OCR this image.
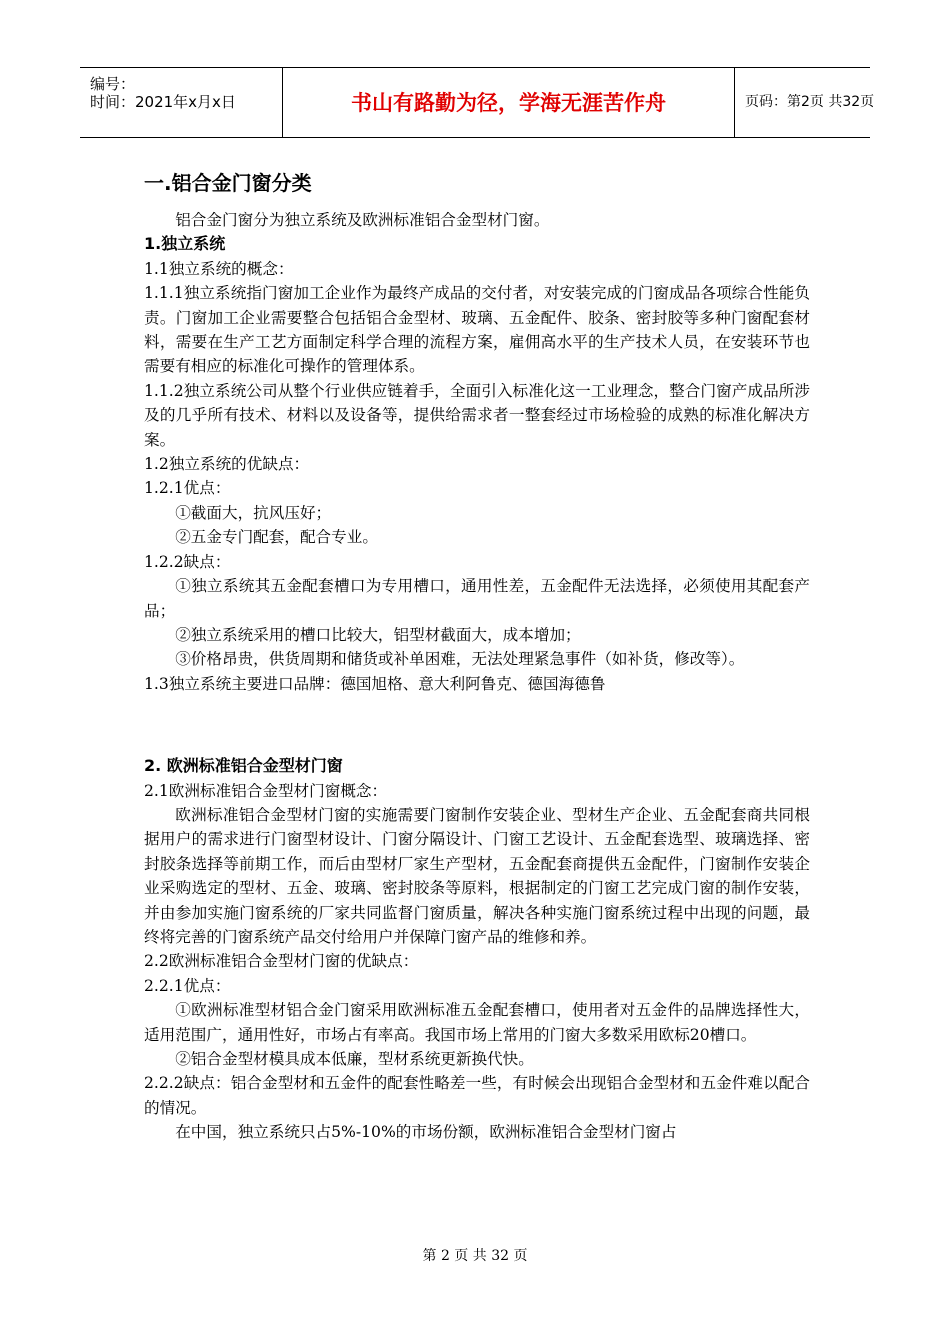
编号：
时间：2021年x月x日	书山有路勤为径，学海无涯苦作舟	页码：第2页 共32页
一.铝合金门窗分类

铝合金门窗分为独立系统及欧洲标准铝合金型材门窗。

1.独立系统

1.1独立系统的概念：

1.1.1独立系统指门窗加工企业作为最终产成品的交付者，对安装完成的门窗成品各项综合性能负责。门窗加工企业需要整合包括铝合金型材、玻璃、五金配件、胶条、密封胶等多种门窗配套材料，需要在生产工艺方面制定科学合理的流程方案，雇佣高水平的生产技术人员，在安装环节也需要有相应的标准化可操作的管理体系。

1.1.2独立系统公司从整个行业供应链着手，全面引入标准化这一工业理念，整合门窗产成品所涉及的几乎所有技术、材料以及设备等，提供给需求者一整套经过市场检验的成熟的标准化解决方案。

1.2独立系统的优缺点：

1.2.1优点：

①截面大，抗风压好；

②五金专门配套，配合专业。

1.2.2缺点：

①独立系统其五金配套槽口为专用槽口，通用性差，五金配件无法选择，必须使用其配套产品；

②独立系统采用的槽口比较大，铝型材截面大，成本增加；

③价格昂贵，供货周期和储货或补单困难，无法处理紧急事件（如补货，修改等）。

1.3独立系统主要进口品牌：德国旭格、意大利阿鲁克、德国海德鲁

2. 欧洲标准铝合金型材门窗

2.1欧洲标准铝合金型材门窗概念：

欧洲标准铝合金型材门窗的实施需要门窗制作安装企业、型材生产企业、五金配套商共同根据用户的需求进行门窗型材设计、门窗分隔设计、门窗工艺设计、五金配套选型、玻璃选择、密封胶条选择等前期工作，而后由型材厂家生产型材，五金配套商提供五金配件，门窗制作安装企业采购选定的型材、五金、玻璃、密封胶条等原料，根据制定的门窗工艺完成门窗的制作安装，并由参加实施门窗系统的厂家共同监督门窗质量，解决各种实施门窗系统过程中出现的问题，最终将完善的门窗系统产品交付给用户并保障门窗产品的维修和养。

2.2欧洲标准铝合金型材门窗的优缺点：

2.2.1优点：

①欧洲标准型材铝合金门窗采用欧洲标准五金配套槽口，使用者对五金件的品牌选择性大，适用范围广，通用性好，市场占有率高。我国市场上常用的门窗大多数采用欧标20槽口。

②铝合金型材模具成本低廉，型材系统更新换代快。

2.2.2缺点：铝合金型材和五金件的配套性略差一些，有时候会出现铝合金型材和五金件难以配合的情况。

在中国，独立系统只占5%-10%的市场份额，欧洲标准铝合金型材门窗占

第 2 页 共 32 页
